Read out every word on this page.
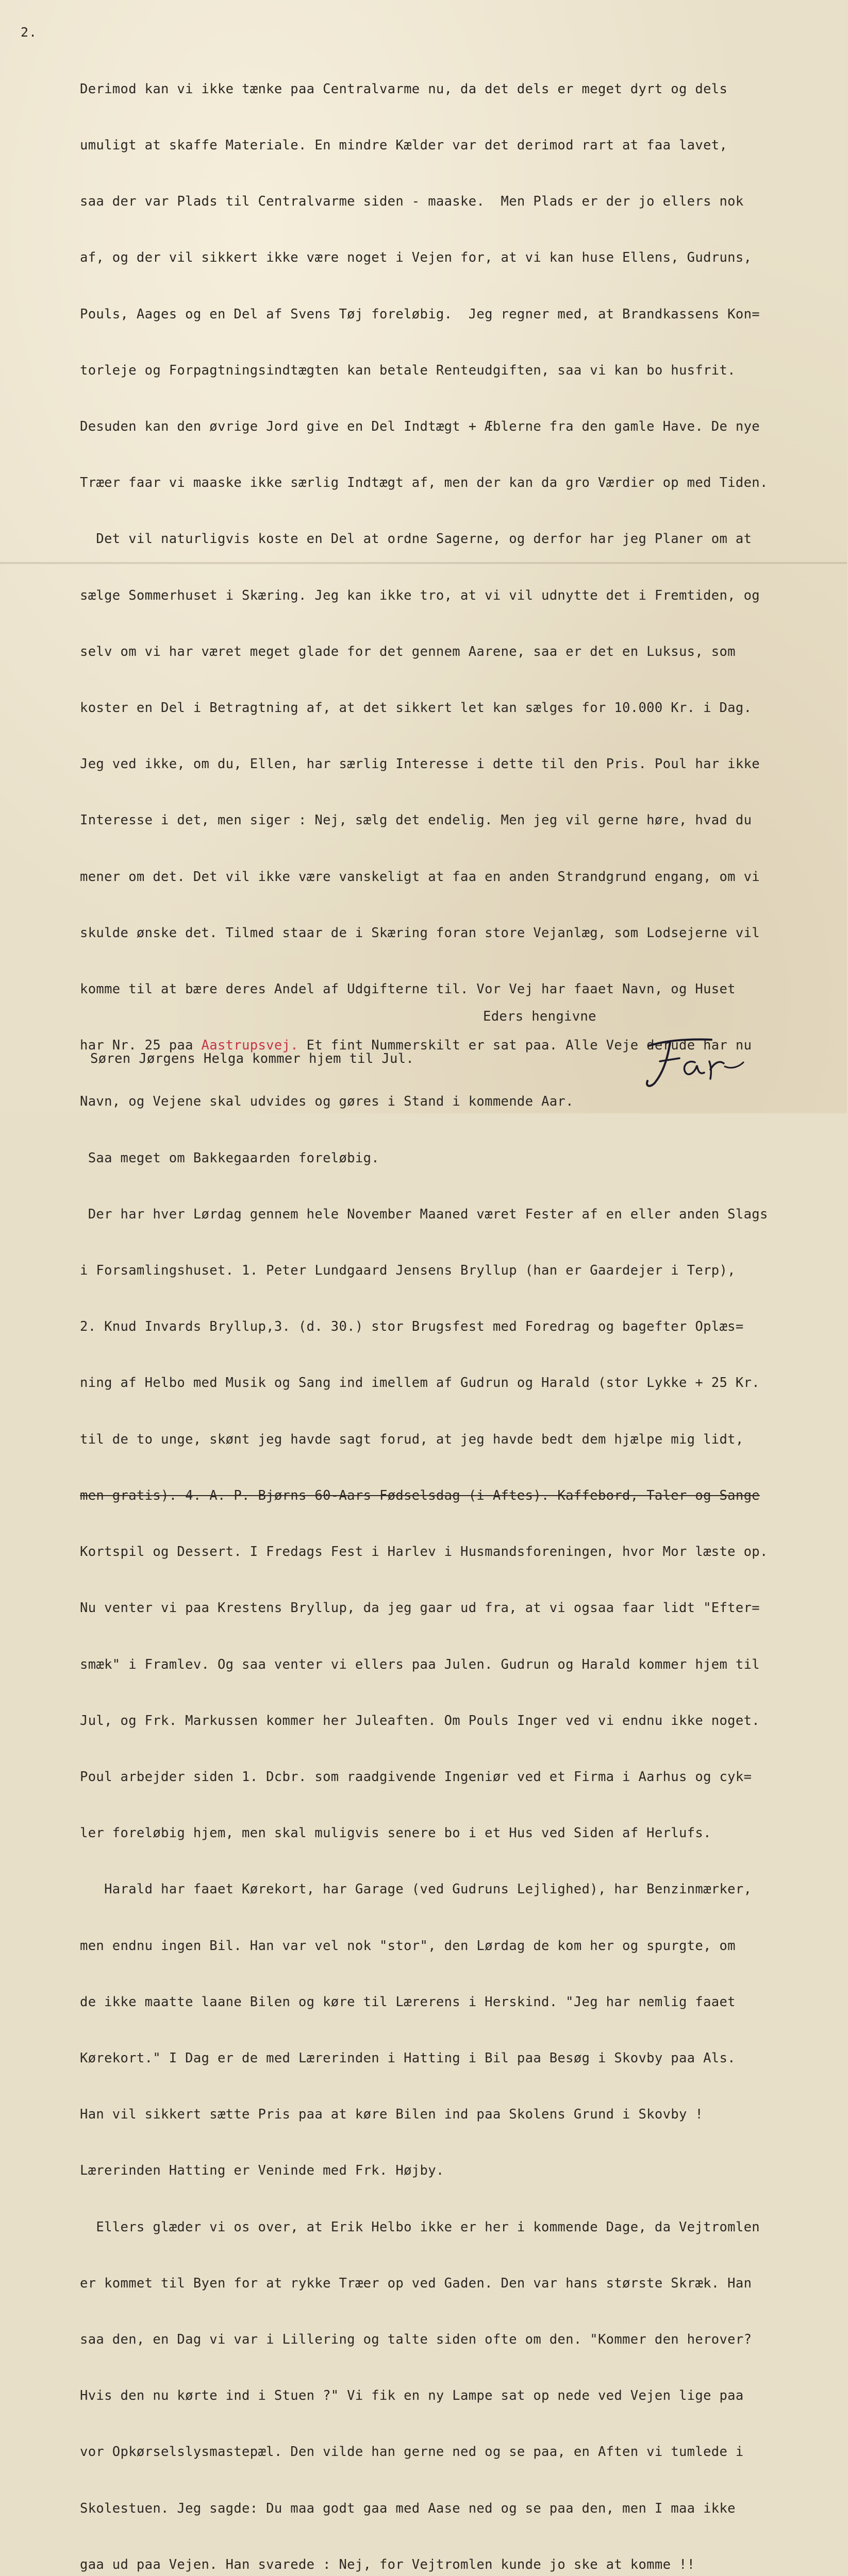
2.

Derimod kan vi ikke tænke paa Centralvarme nu, da det dels er meget dyrt og dels

umuligt at skaffe Materiale. En mindre Kælder var det derimod rart at faa lavet,

saa der var Plads til Centralvarme siden - maaske.  Men Plads er der jo ellers nok

af, og der vil sikkert ikke være noget i Vejen for, at vi kan huse Ellens, Gudruns,

Pouls, Aages og en Del af Svens Tøj foreløbig.  Jeg regner med, at Brandkassens Kon=

torleje og Forpagtningsindtægten kan betale Renteudgiften, saa vi kan bo husfrit.

Desuden kan den øvrige Jord give en Del Indtægt + Æblerne fra den gamle Have. De nye

Træer faar vi maaske ikke særlig Indtægt af, men der kan da gro Værdier op med Tiden.

Det vil naturligvis koste en Del at ordne Sagerne, og derfor har jeg Planer om at

sælge Sommerhuset i Skæring. Jeg kan ikke tro, at vi vil udnytte det i Fremtiden, og

selv om vi har været meget glade for det gennem Aarene, saa er det en Luksus, som

koster en Del i Betragtning af, at det sikkert let kan sælges for 10.000 Kr. i Dag.

Jeg ved ikke, om du, Ellen, har særlig Interesse i dette til den Pris. Poul har ikke

Interesse i det, men siger : Nej, sælg det endelig. Men jeg vil gerne høre, hvad du

mener om det. Det vil ikke være vanskeligt at faa en anden Strandgrund engang, om vi

skulde ønske det. Tilmed staar de i Skæring foran store Vejanlæg, som Lodsejerne vil

komme til at bære deres Andel af Udgifterne til. Vor Vej har faaet Navn, og Huset

har Nr. 25 paa Aastrupsvej. Et fint Nummerskilt er sat paa. Alle Veje derude har nu

Navn, og Vejene skal udvides og gøres i Stand i kommende Aar.

Saa meget om Bakkegaarden foreløbig.

Der har hver Lørdag gennem hele November Maaned været Fester af en eller anden Slags

i Forsamlingshuset. 1. Peter Lundgaard Jensens Bryllup (han er Gaardejer i Terp),

2. Knud Invards Bryllup,3. (d. 30.) stor Brugsfest med Foredrag og bagefter Oplæs=

ning af Helbo med Musik og Sang ind imellem af Gudrun og Harald (stor Lykke + 25 Kr.

til de to unge, skønt jeg havde sagt forud, at jeg havde bedt dem hjælpe mig lidt,

men gratis). 4. A. P. Bjørns 60-Aars Fødselsdag (i Aftes). Kaffebord, Taler og Sange

Kortspil og Dessert. I Fredags Fest i Harlev i Husmandsforeningen, hvor Mor læste op.

Nu venter vi paa Krestens Bryllup, da jeg gaar ud fra, at vi ogsaa faar lidt "Efter=

smæk" i Framlev. Og saa venter vi ellers paa Julen. Gudrun og Harald kommer hjem til

Jul, og Frk. Markussen kommer her Juleaften. Om Pouls Inger ved vi endnu ikke noget.

Poul arbejder siden 1. Dcbr. som raadgivende Ingeniør ved et Firma i Aarhus og cyk=

ler foreløbig hjem, men skal muligvis senere bo i et Hus ved Siden af Herlufs.

Harald har faaet Kørekort, har Garage (ved Gudruns Lejlighed), har Benzinmærker,

men endnu ingen Bil. Han var vel nok "stor", den Lørdag de kom her og spurgte, om

de ikke maatte laane Bilen og køre til Lærerens i Herskind. "Jeg har nemlig faaet

Kørekort." I Dag er de med Lærerinden i Hatting i Bil paa Besøg i Skovby paa Als.

Han vil sikkert sætte Pris paa at køre Bilen ind paa Skolens Grund i Skovby !

Lærerinden Hatting er Veninde med Frk. Højby.

Ellers glæder vi os over, at Erik Helbo ikke er her i kommende Dage, da Vejtromlen

er kommet til Byen for at rykke Træer op ved Gaden. Den var hans største Skræk. Han

saa den, en Dag vi var i Lillering og talte siden ofte om den. "Kommer den herover?

Hvis den nu kørte ind i Stuen ?" Vi fik en ny Lampe sat op nede ved Vejen lige paa

vor Opkørselslysmastepæl. Den vilde han gerne ned og se paa, en Aften vi tumlede i

Skolestuen. Jeg sagde: Du maa godt gaa med Aase ned og se paa den, men I maa ikke

gaa ud paa Vejen. Han svarede : Nej, for Vejtromlen kunde jo ske at komme !!

Eders hengivne
Søren Jørgens Helga kommer hjem til Jul.
